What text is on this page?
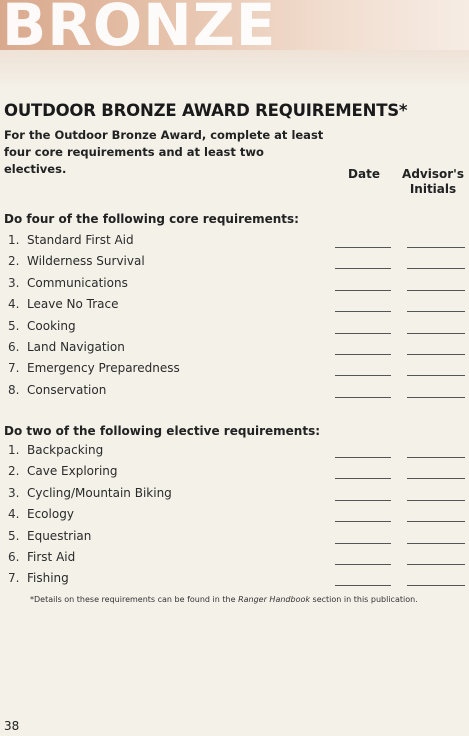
BRONZE
OUTDOOR BRONZE AWARD REQUIREMENTS*
For the Outdoor Bronze Award, complete at least
four core requirements and at least two electives.	Date	Advisor's
Initials
Do four of the following core requirements:
1. Standard First Aid
2. Wilderness Survival
3. Communications
4. Leave No Trace
5. Cooking
6. Land Navigation
7. Emergency Preparedness
8. Conservation
Do two of the following elective requirements:
1. Backpacking
2. Cave Exploring
3. Cycling/Mountain Biking
4. Ecology
5. Equestrian
6. First Aid
7. Fishing
*Details on these requirements can be found in the Ranger Handbook section in this publication.
38
